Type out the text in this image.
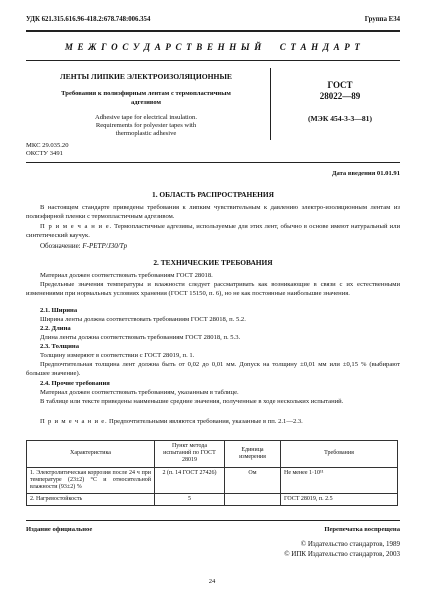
УДК 621.315.616.96-418.2:678.748:006.354	Группа Е34
М Е Ж Г О С У Д А Р С Т В Е Н Н Ы Й     С Т А Н Д А Р Т
ЛЕНТЫ ЛИПКИЕ ЭЛЕКТРОИЗОЛЯЦИОННЫЕ
Требования к полиэфирным лентам с термопластичным
адгезивом
Adhesive tape for electrical insulation.
Requirements for polyester tapes with
thermoplastic adhesive
ГОСТ
28022—89
(МЭК 454-3-3—81)
МКС 29.035.20
ОКСТУ 3491
Дата введения 01.01.91
1. ОБЛАСТЬ РАСПРОСТРАНЕНИЯ
В настоящем стандарте приведены требования к липким чувствительным к давлению электро-изоляционным лентам из полиэфирной пленки с термопластичным адгезивом.
П р и м е ч а н и е. Термопластичные адгезивы, используемые для этих лент, обычно в основе имеют натуральный или синтетический каучук.
Обозначение: F-PETP/J30/Tp
2. ТЕХНИЧЕСКИЕ ТРЕБОВАНИЯ
Материал должен соответствовать требованиям ГОСТ 28018.
Предельные значения температуры и влажности следует рассматривать как возникающие в связи с их естественными изменениями при нормальных условиях хранения (ГОСТ 15150, п. 6), но не как постоянные наибольшие значения.
2.1. Ширина
Ширина ленты должна соответствовать требованиям ГОСТ 28018, п. 5.2.
2.2. Длина
Длина ленты должна соответствовать требованиям ГОСТ 28018, п. 5.3.
2.3. Толщина
Толщину измеряют в соответствии с ГОСТ 28019, п. 1.
Предпочтительная толщина лент должна быть от 0,02 до 0,01 мм. Допуск на толщину ±0,01 мм или ±0,15 % (выбирают большее значение).
2.4. Прочие требования
Материал должен соответствовать требованиям, указанным в таблице.
В таблице или тексте приведены наименьшие средние значения, полученные в ходе нескольких испытаний.
П р и м е ч а н и е. Предпочтительными являются требования, указанные в пп. 2.1—2.3.
Характеристика	Пункт метода испытаний по ГОСТ 28019	Единица измерения	Требования
1. Электролитическая коррозия после 24 ч при температуре (23±2) °С и относительной влажности (93±2) %	2 (п. 14 ГОСТ 27426)	Ом	Не менее 1·10¹¹
2. Нагревостойкость	5		ГОСТ 28019, п. 2.5
Издание официальное	Перепечатка воспрещена
© Издательство стандартов, 1989
© ИПК Издательство стандартов, 2003
24
